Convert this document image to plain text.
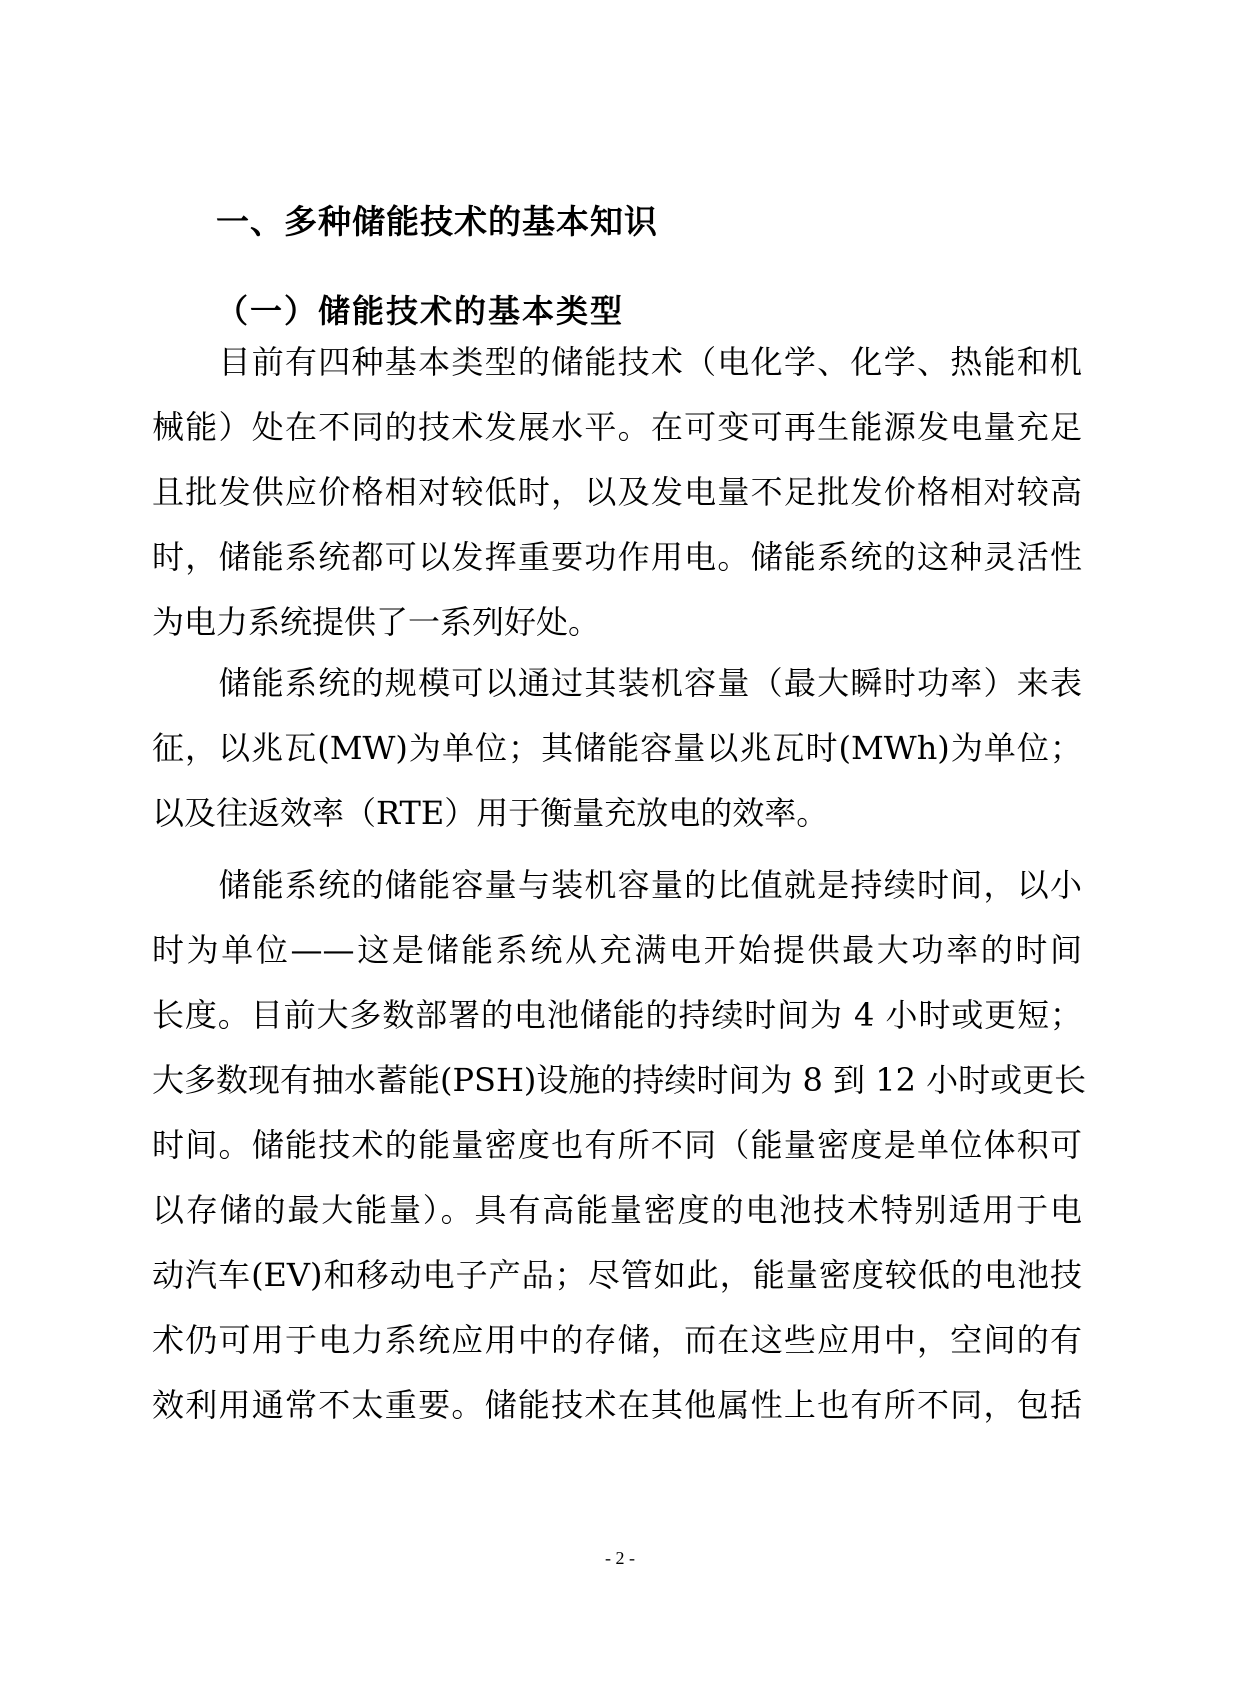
一、多种储能技术的基本知识
（一）储能技术的基本类型
　　目前有四种基本类型的储能技术（电化学、化学、热能和机
械能）处在不同的技术发展水平。在可变可再生能源发电量充足
且批发供应价格相对较低时，以及发电量不足批发价格相对较高
时，储能系统都可以发挥重要功作用电。储能系统的这种灵活性
为电力系统提供了一系列好处。
　　储能系统的规模可以通过其装机容量（最大瞬时功率）来表
征，以兆瓦(MW)为单位；其储能容量以兆瓦时(MWh)为单位；
以及往返效率（RTE）用于衡量充放电的效率。
　　储能系统的储能容量与装机容量的比值就是持续时间，以小
时为单位——这是储能系统从充满电开始提供最大功率的时间
长度。目前大多数部署的电池储能的持续时间为 4 小时或更短；
大多数现有抽水蓄能(PSH)设施的持续时间为 8 到 12 小时或更长
时间。储能技术的能量密度也有所不同（能量密度是单位体积可
以存储的最大能量）。具有高能量密度的电池技术特别适用于电
动汽车(EV)和移动电子产品；尽管如此，能量密度较低的电池技
术仍可用于电力系统应用中的存储，而在这些应用中，空间的有
效利用通常不太重要。储能技术在其他属性上也有所不同，包括

- 2 -
